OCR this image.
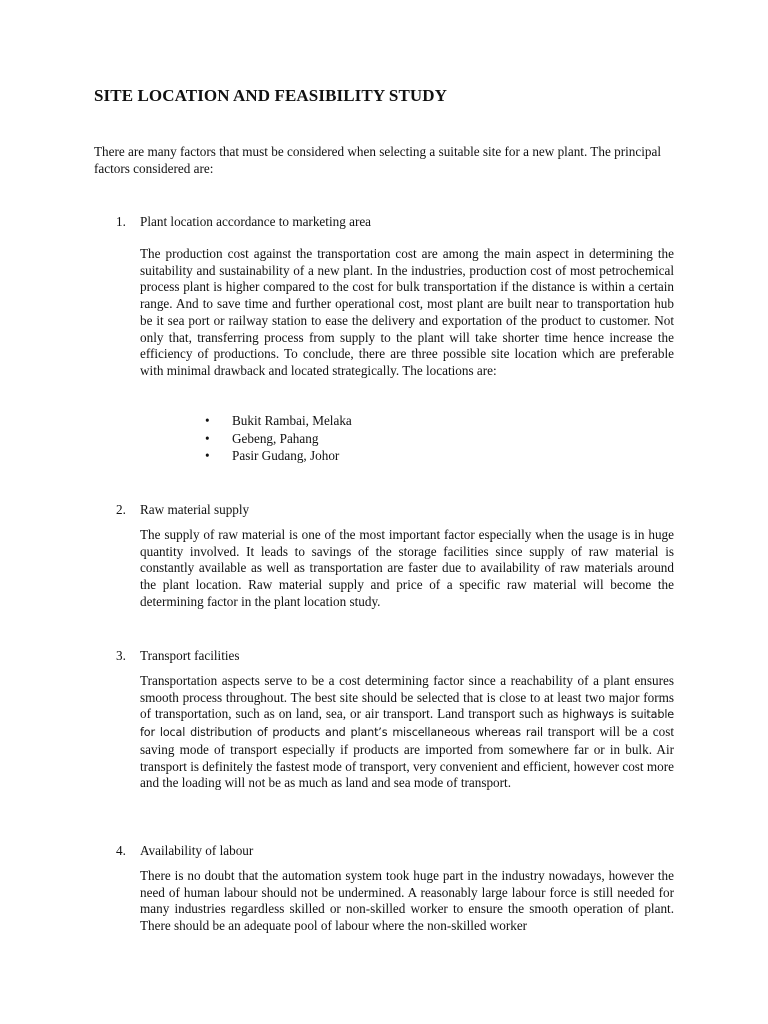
SITE LOCATION AND FEASIBILITY STUDY

There are many factors that must be considered when selecting a suitable site for a new plant. The principal factors considered are:

1. Plant location accordance to marketing area

The production cost against the transportation cost are among the main aspect in determining the suitability and sustainability of a new plant. In the industries, production cost of most petrochemical process plant is higher compared to the cost for bulk transportation if the distance is within a certain range. And to save time and further operational cost, most plant are built near to transportation hub be it sea port or railway station to ease the delivery and exportation of the product to customer. Not only that, transferring process from supply to the plant will take shorter time hence increase the efficiency of productions. To conclude, there are three possible site location which are preferable with minimal drawback and located strategically. The locations are:

• Bukit Rambai, Melaka
• Gebeng, Pahang
• Pasir Gudang, Johor
2. Raw material supply

The supply of raw material is one of the most important factor especially when the usage is in huge quantity involved. It leads to savings of the storage facilities since supply of raw material is constantly available as well as transportation are faster due to availability of raw materials around the plant location. Raw material supply and price of a specific raw material will become the determining factor in the plant location study.

3. Transport facilities
Transportation aspects serve to be a cost determining factor since a reachability of a plant ensures smooth process throughout. The best site should be selected that is close to at least two major forms of transportation, such as on land, sea, or air transport. Land transport such as highways is suitable for local distribution of products and plant’s miscellaneous whereas rail transport will be a cost saving mode of transport especially if products are imported from somewhere far or in bulk. Air transport is definitely the fastest mode of transport, very convenient and efficient, however cost more and the loading will not be as much as land and sea mode of transport.
4. Availability of labour

There is no doubt that the automation system took huge part in the industry nowadays, however the need of human labour should not be undermined. A reasonably large labour force is still needed for many industries regardless skilled or non-skilled worker to ensure the smooth operation of plant. There should be an adequate pool of labour where the non-skilled worker
